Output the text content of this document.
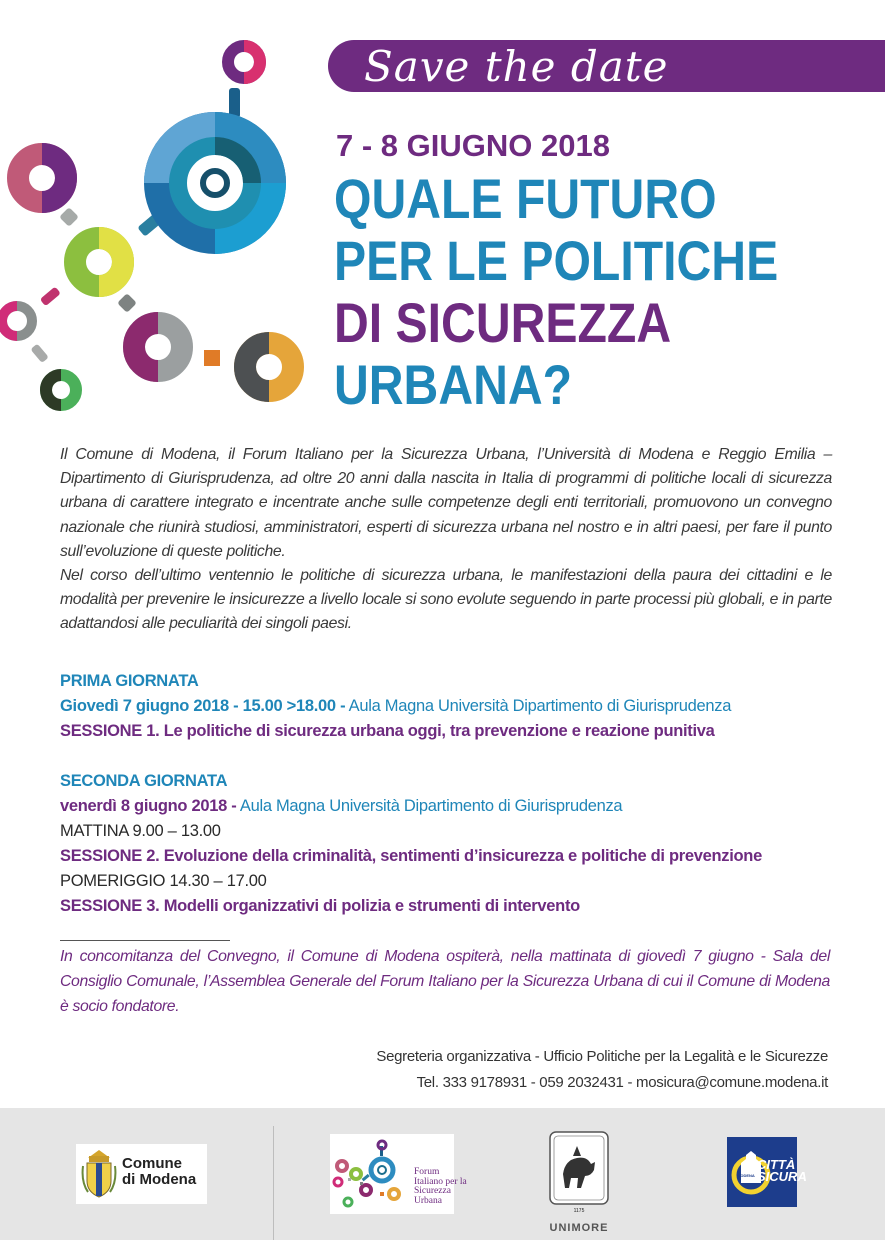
Save the date
7 - 8 GIUGNO 2018
QUALE FUTURO
PER LE POLITICHE
DI SICUREZZA
URBANA?

Il Comune di Modena, il Forum Italiano per la Sicurezza Urbana, l’Università di Modena e Reggio Emilia – Dipartimento di Giurisprudenza, ad oltre 20 anni dalla nascita in Italia di programmi di politiche locali di sicurezza urbana di carattere integrato e incentrate anche sulle competenze degli enti territoriali, promuovono un convegno nazionale che riunirà studiosi, amministratori, esperti di sicurezza urbana nel nostro e in altri paesi, per fare il punto sull’evoluzione di queste politiche.

Nel corso dell’ultimo ventennio le politiche di sicurezza urbana, le manifestazioni della paura dei cittadini e le modalità per prevenire le insicurezze a livello locale si sono evolute seguendo in parte processi più globali, e in parte adattandosi alle peculiarità dei singoli paesi.

PRIMA GIORNATA
Giovedì 7 giugno 2018 - 15.00 >18.00 - Aula Magna Università Dipartimento di Giurisprudenza
SESSIONE 1. Le politiche di sicurezza urbana oggi, tra prevenzione e reazione punitiva
SECONDA GIORNATA
venerdì 8 giugno 2018 - Aula Magna Università Dipartimento di Giurisprudenza
MATTINA 9.00 – 13.00
SESSIONE 2. Evoluzione della criminalità, sentimenti d’insicurezza e politiche di prevenzione
POMERIGGIO 14.30 – 17.00
SESSIONE 3. Modelli organizzativi di polizia e strumenti di intervento
In concomitanza del Convegno, il Comune di Modena ospiterà, nella mattinata di giovedì 7 giugno - Sala del Consiglio Comunale, l’Assemblea Generale del Forum Italiano per la Sicurezza Urbana di cui il Comune di Modena è socio fondatore.
Segreteria organizzativa - Ufficio Politiche per la Legalità e le Sicurezze
Tel. 333 9178931 - 059 2032431 - mosicura@comune.modena.it
Comune
di Modena	Forum
Italiano per la
Sicurezza
Urbana
1175
UNIMORE
MODENA
CITTÀ
SICURA
